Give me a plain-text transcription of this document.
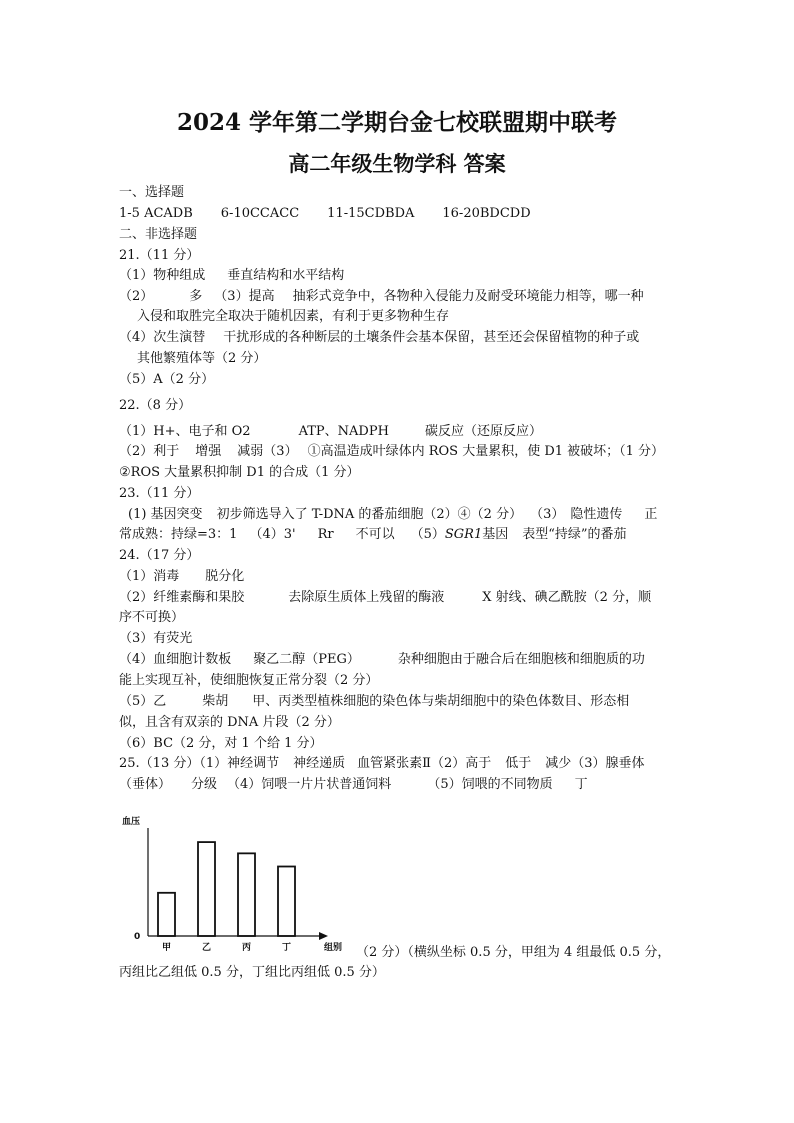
2024 学年第二学期台金七校联盟期中联考
高二年级生物学科 答案

一、选择题

1-5 ACADB 6-10CCACC 11-15CDBDA 16-20BDCDD

二、非选择题

21.（11 分）

（1）物种组成 垂直结构和水平结构

（2）	多 （3）提高 抽彩式竞争中，各物种入侵能力及耐受环境能力相等，哪一种

入侵和取胜完全取决于随机因素，有利于更多物种生存

（4）次生演替 干扰形成的各种断层的土壤条件会基本保留，甚至还会保留植物的种子或

其他繁殖体等（2 分）

（5）A（2 分）

22.（8 分）

（1）H+、电子和 O2	ATP、NADPH	碳反应（还原反应）

（2）利于 增强 减弱（3） ①高温造成叶绿体内 ROS 大量累积，使 D1 被破坏；（1 分）

②ROS 大量累积抑制 D1 的合成（1 分）

23.（11 分）

(1) 基因突变 初步筛选导入了 T-DNA 的番茄细胞（2）④（2 分） （3） 隐性遗传 正

常成熟：持绿=3：1 （4）3' Rr 不可以 （5）SGR1基因 表型“持绿”的番茄

24.（17 分）

（1）消毒 脱分化

（2）纤维素酶和果胶	去除原生质体上残留的酶液	X 射线、碘乙酰胺（2 分，顺

序不可换）

（3）有荧光

（4）血细胞计数板 聚乙二醇（PEG）	杂种细胞由于融合后在细胞核和细胞质的功

能上实现互补，使细胞恢复正常分裂（2 分）

（5）乙	柴胡 甲、丙类型植株细胞的染色体与柴胡细胞中的染色体数目、形态相

似，且含有双亲的 DNA 片段（2 分）

（6）BC（2 分，对 1 个给 1 分）

25.（13 分）（1）神经调节 神经递质 血管紧张素Ⅱ（2）高于 低于 减少（3）腺垂体

（垂体） 分级 （4）饲喂一片片状普通饲料	（5）饲喂的不同物质 丁

血压
0
组别
甲	乙	丙	丁	（2 分）（横纵坐标 0.5 分，甲组为 4 组最低 0.5 分，

丙组比乙组低 0.5 分，丁组比丙组低 0.5 分）
